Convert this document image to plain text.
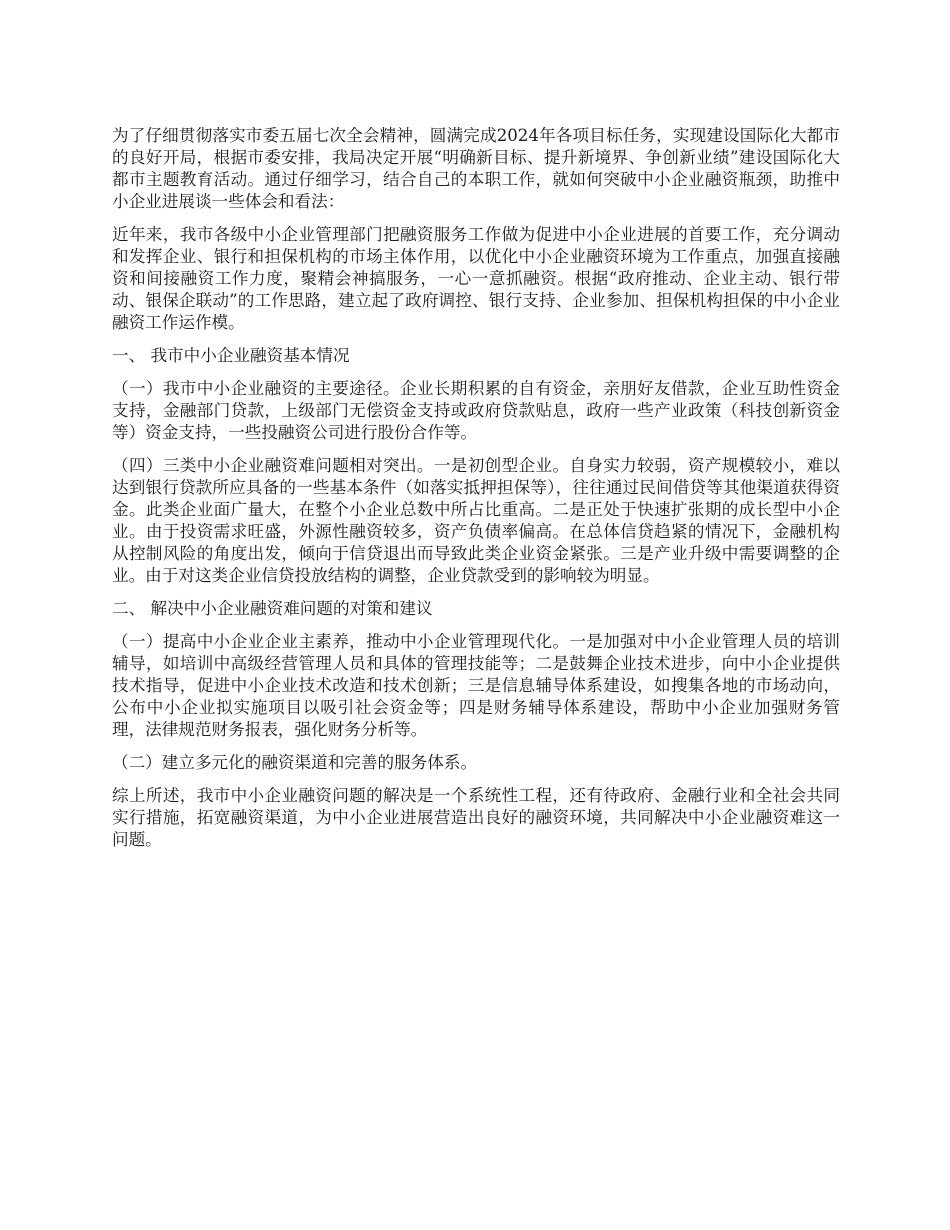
为了仔细贯彻落实市委五届七次全会精神，圆满完成2024年各项目标任务，实现建设国际化大都市的良好开局，根据市委安排，我局决定开展“明确新目标、提升新境界、争创新业绩”建设国际化大都市主题教育活动。通过仔细学习，结合自己的本职工作，就如何突破中小企业融资瓶颈，助推中小企业进展谈一些体会和看法：

近年来，我市各级中小企业管理部门把融资服务工作做为促进中小企业进展的首要工作，充分调动和发挥企业、银行和担保机构的市场主体作用，以优化中小企业融资环境为工作重点，加强直接融资和间接融资工作力度，聚精会神搞服务，一心一意抓融资。根据“政府推动、企业主动、银行带动、银保企联动”的工作思路，建立起了政府调控、银行支持、企业参加、担保机构担保的中小企业融资工作运作模。

一、 我市中小企业融资基本情况

（一）我市中小企业融资的主要途径。企业长期积累的自有资金，亲朋好友借款，企业互助性资金支持，金融部门贷款，上级部门无偿资金支持或政府贷款贴息，政府一些产业政策（科技创新资金等）资金支持，一些投融资公司进行股份合作等。

（四）三类中小企业融资难问题相对突出。一是初创型企业。自身实力较弱，资产规模较小，难以达到银行贷款所应具备的一些基本条件（如落实抵押担保等），往往通过民间借贷等其他渠道获得资金。此类企业面广量大，在整个小企业总数中所占比重高。二是正处于快速扩张期的成长型中小企业。由于投资需求旺盛，外源性融资较多，资产负债率偏高。在总体信贷趋紧的情况下，金融机构从控制风险的角度出发，倾向于信贷退出而导致此类企业资金紧张。三是产业升级中需要调整的企业。由于对这类企业信贷投放结构的调整，企业贷款受到的影响较为明显。

二、 解决中小企业融资难问题的对策和建议

（一）提高中小企业企业主素养，推动中小企业管理现代化。一是加强对中小企业管理人员的培训辅导，如培训中高级经营管理人员和具体的管理技能等；二是鼓舞企业技术进步，向中小企业提供技术指导，促进中小企业技术改造和技术创新；三是信息辅导体系建设，如搜集各地的市场动向，公布中小企业拟实施项目以吸引社会资金等；四是财务辅导体系建设，帮助中小企业加强财务管理，法律规范财务报表，强化财务分析等。

（二）建立多元化的融资渠道和完善的服务体系。

综上所述，我市中小企业融资问题的解决是一个系统性工程，还有待政府、金融行业和全社会共同实行措施，拓宽融资渠道，为中小企业进展营造出良好的融资环境，共同解决中小企业融资难这一问题。
